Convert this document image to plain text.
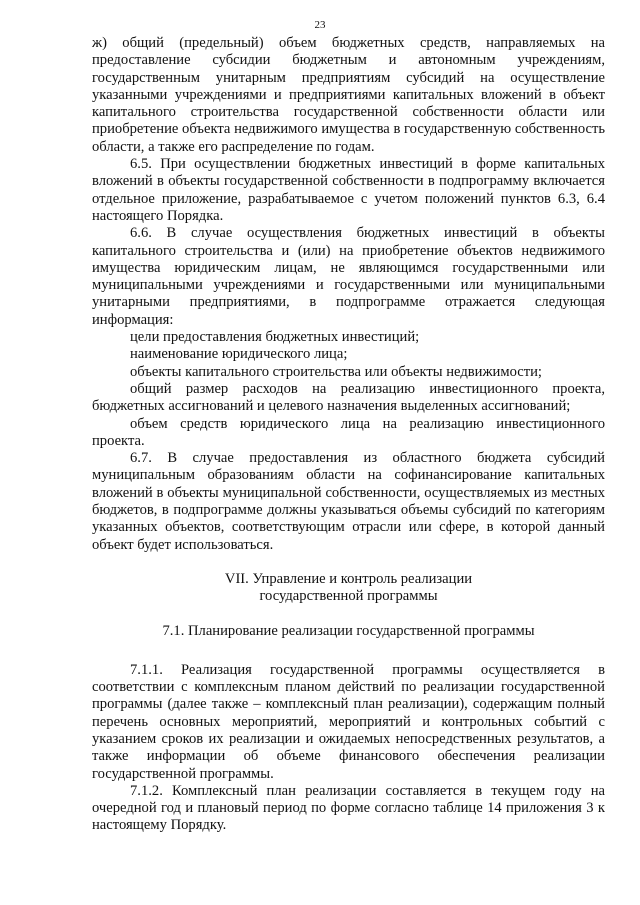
23

ж) общий (предельный) объем бюджетных средств, направляемых на предоставление субсидии бюджетным и автономным учреждениям, государственным унитарным предприятиям субсидий на осуществление указанными учреждениями и предприятиями капитальных вложений в объект капитального строительства государственной собственности области или приобретение объекта недвижимого имущества в государственную собственность области, а также его распределение по годам.

6.5. При осуществлении бюджетных инвестиций в форме капитальных вложений в объекты государственной собственности в подпрограмму включается отдельное приложение, разрабатываемое с учетом положений пунктов 6.3, 6.4 настоящего Порядка.

6.6. В случае осуществления бюджетных инвестиций в объекты капитального строительства и (или) на приобретение объектов недвижимого имущества юридическим лицам, не являющимся государственными или муниципальными учреждениями и государственными или муниципальными унитарными предприятиями, в подпрограмме отражается следующая информация:

цели предоставления бюджетных инвестиций;

наименование юридического лица;

объекты капитального строительства или объекты недвижимости;

общий размер расходов на реализацию инвестиционного проекта, бюджетных ассигнований и целевого назначения выделенных ассигнований;

объем средств юридического лица на реализацию инвестиционного проекта.

6.7. В случае предоставления из областного бюджета субсидий муниципальным образованиям области на софинансирование капитальных вложений в объекты муниципальной собственности, осуществляемых из местных бюджетов, в подпрограмме должны указываться объемы субсидий по категориям указанных объектов, соответствующим отрасли или сфере, в которой данный объект будет использоваться.

VII. Управление и контроль реализации

государственной программы

7.1. Планирование реализации государственной программы

7.1.1. Реализация государственной программы осуществляется в соответствии с комплексным планом действий по реализации государственной программы (далее также – комплексный план реализации), содержащим полный перечень основных мероприятий, мероприятий и контрольных событий с указанием сроков их реализации и ожидаемых непосредственных результатов, а также информации об объеме финансового обеспечения реализации государственной программы.

7.1.2. Комплексный план реализации составляется в текущем году на очередной год и плановый период по форме согласно таблице 14 приложения 3 к настоящему Порядку.
